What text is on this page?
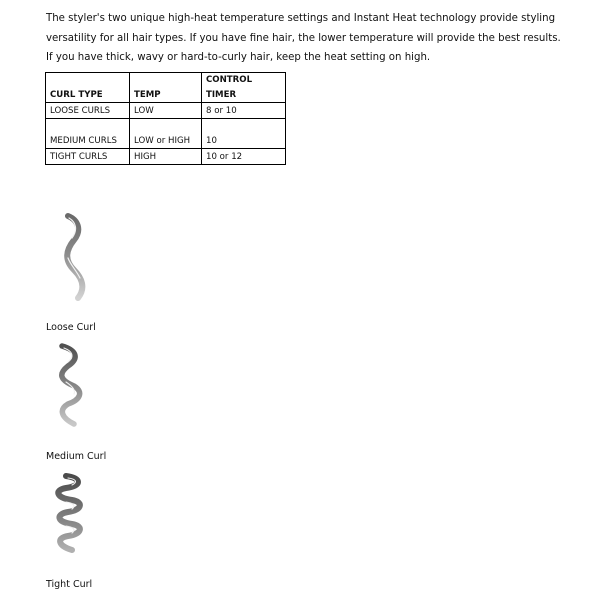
The styler's two unique high-heat temperature settings and Instant Heat technology provide styling versatility for all hair types. If you have fine hair, the lower temperature will provide the best results. If you have thick, wavy or hard-to-curly hair, keep the heat setting on high.

CURL TYPE	TEMP	CONTROL TIMER
LOOSE CURLS	LOW	8 or 10
MEDIUM CURLS	LOW or HIGH	10
TIGHT CURLS	HIGH	10 or 12

Loose Curl

Medium Curl

Tight Curl
